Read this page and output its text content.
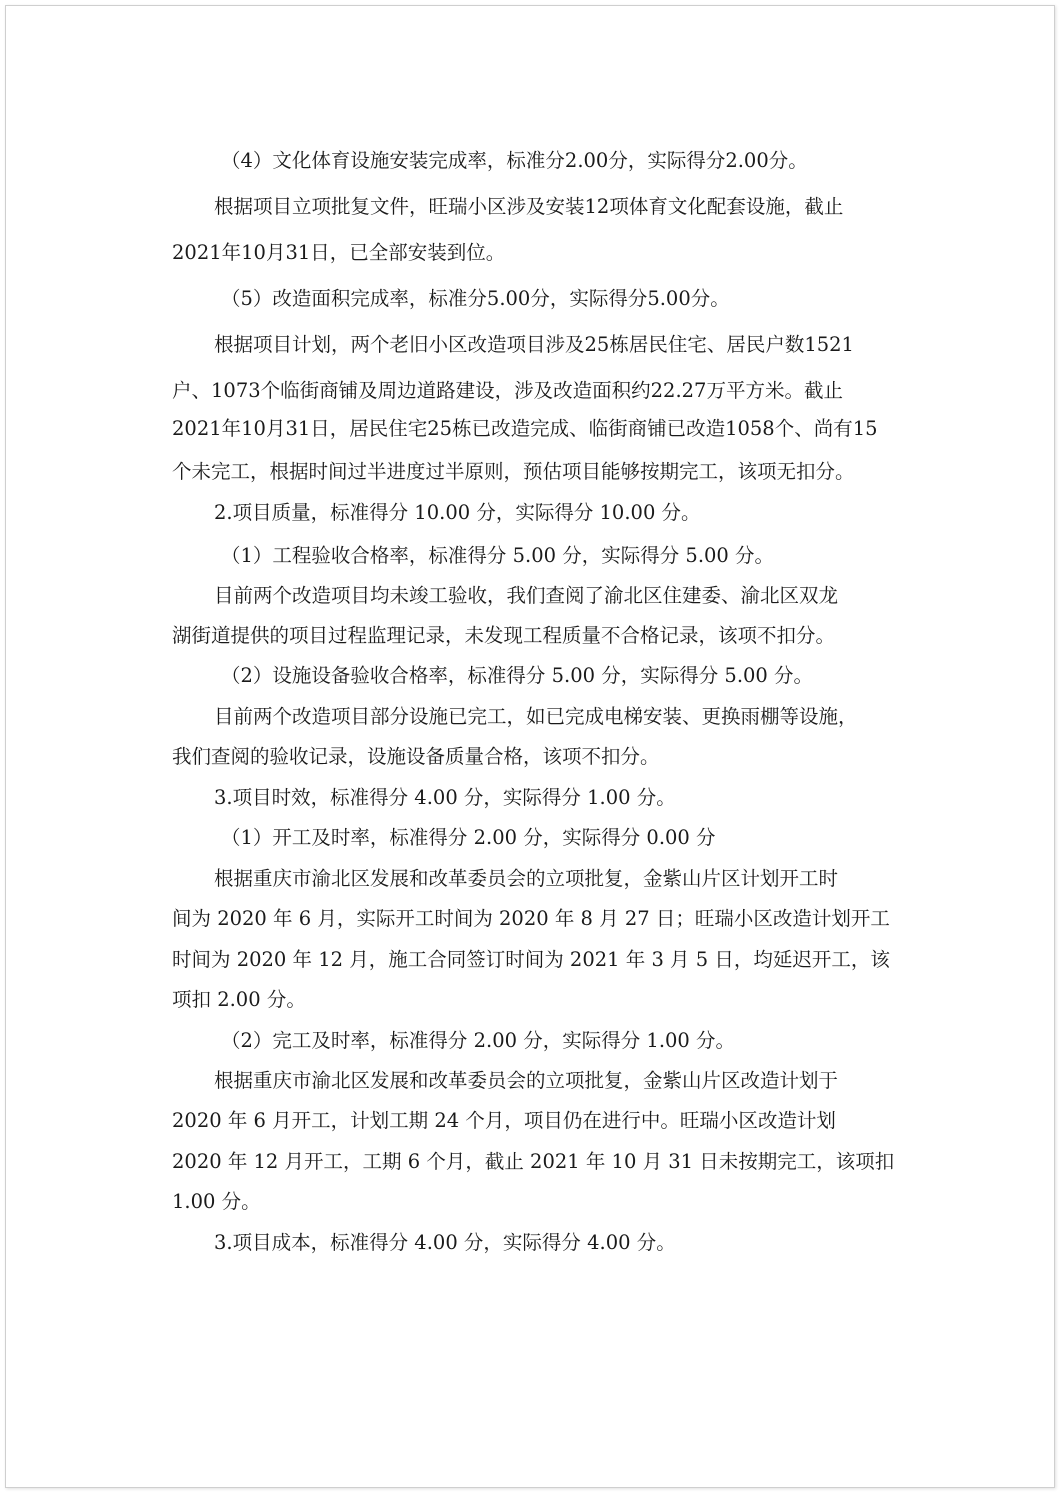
（4）文化体育设施安装完成率，标准分2.00分，实际得分2.00分。
根据项目立项批复文件，旺瑞小区涉及安装12项体育文化配套设施，截止
2021年10月31日，已全部安装到位。
（5）改造面积完成率，标准分5.00分，实际得分5.00分。
根据项目计划，两个老旧小区改造项目涉及25栋居民住宅、居民户数1521
户、1073个临街商铺及周边道路建设，涉及改造面积约22.27万平方米。截止
2021年10月31日，居民住宅25栋已改造完成、临街商铺已改造1058个、尚有15
个未完工，根据时间过半进度过半原则，预估项目能够按期完工，该项无扣分。
2.项目质量，标准得分 10.00 分，实际得分 10.00 分。
（1）工程验收合格率，标准得分 5.00 分，实际得分 5.00 分。
目前两个改造项目均未竣工验收，我们查阅了渝北区住建委、渝北区双龙
湖街道提供的项目过程监理记录，未发现工程质量不合格记录，该项不扣分。
（2）设施设备验收合格率，标准得分 5.00 分，实际得分 5.00 分。
目前两个改造项目部分设施已完工，如已完成电梯安装、更换雨棚等设施，
我们查阅的验收记录，设施设备质量合格，该项不扣分。
3.项目时效，标准得分 4.00 分，实际得分 1.00 分。
（1）开工及时率，标准得分 2.00 分，实际得分 0.00 分
根据重庆市渝北区发展和改革委员会的立项批复，金紫山片区计划开工时
间为 2020 年 6 月，实际开工时间为 2020 年 8 月 27 日；旺瑞小区改造计划开工
时间为 2020 年 12 月，施工合同签订时间为 2021 年 3 月 5 日，均延迟开工，该
项扣 2.00 分。
（2）完工及时率，标准得分 2.00 分，实际得分 1.00 分。
根据重庆市渝北区发展和改革委员会的立项批复，金紫山片区改造计划于
2020 年 6 月开工，计划工期 24 个月，项目仍在进行中。旺瑞小区改造计划
2020 年 12 月开工，工期 6 个月，截止 2021 年 10 月 31 日未按期完工，该项扣
1.00 分。
3.项目成本，标准得分 4.00 分，实际得分 4.00 分。
